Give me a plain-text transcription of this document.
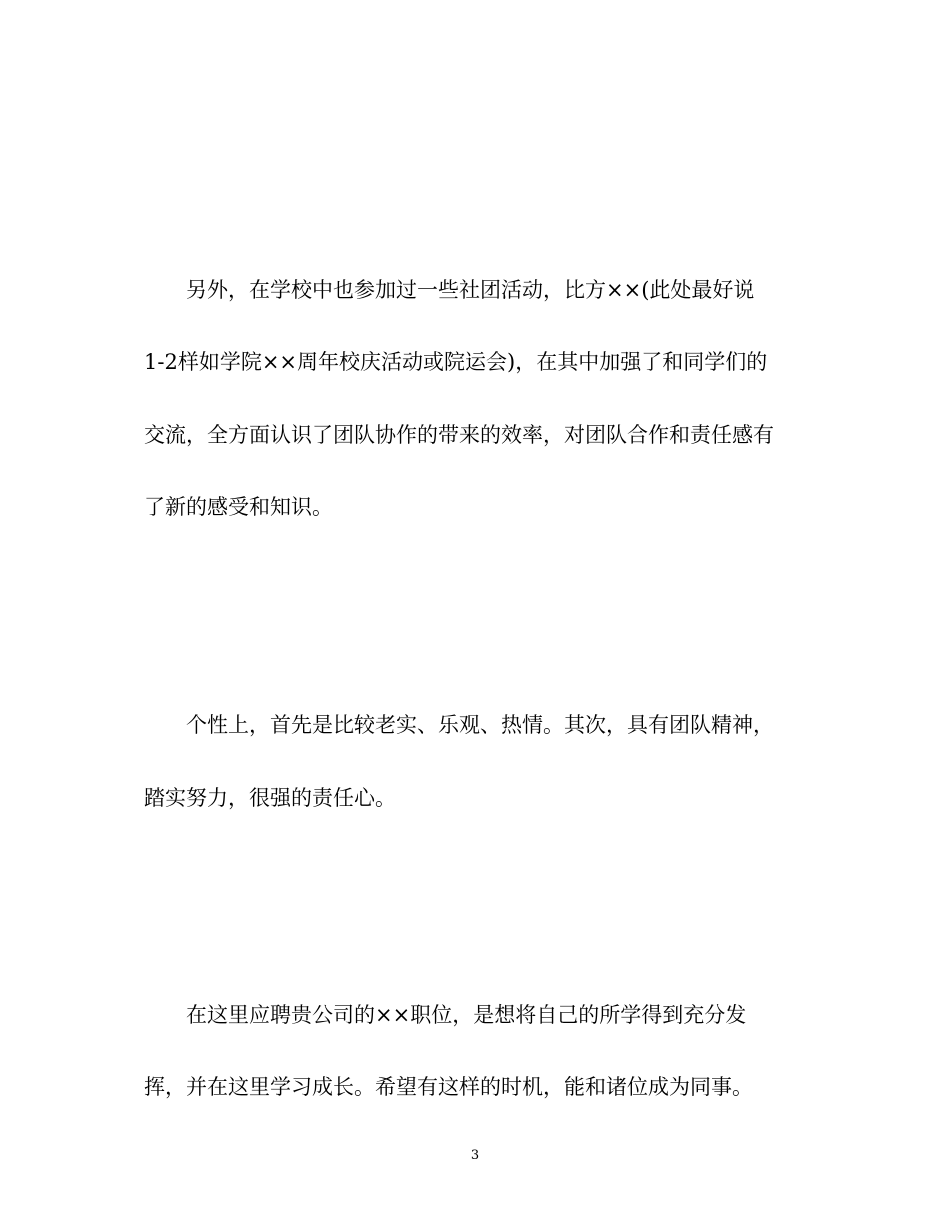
另外，在学校中也参加过一些社团活动，比方××(此处最好说
1-2样如学院××周年校庆活动或院运会)，在其中加强了和同学们的
交流，全方面认识了团队协作的带来的效率，对团队合作和责任感有
了新的感受和知识。
个性上，首先是比较老实、乐观、热情。其次，具有团队精神，
踏实努力，很强的责任心。
在这里应聘贵公司的××职位，是想将自己的所学得到充分发
挥，并在这里学习成长。希望有这样的时机，能和诸位成为同事。
3
